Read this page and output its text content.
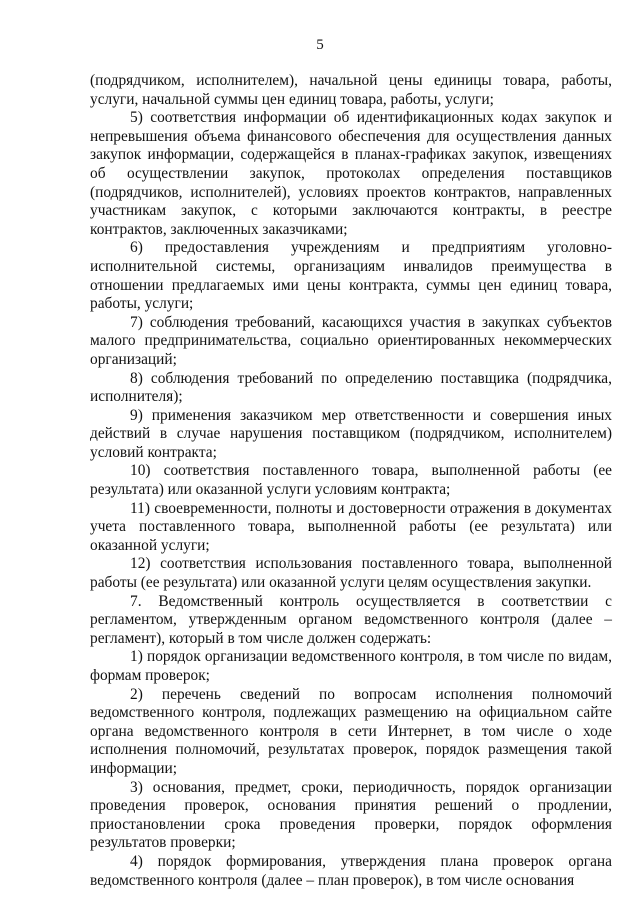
5

(подрядчиком, исполнителем), начальной цены единицы товара, работы, услуги, начальной суммы цен единиц товара, работы, услуги;

5) соответствия информации об идентификационных кодах закупок и непревышения объема финансового обеспечения для осуществления данных закупок информации, содержащейся в планах-графиках закупок, извещениях об осуществлении закупок, протоколах определения поставщиков (подрядчиков, исполнителей), условиях проектов контрактов, направленных участникам закупок, с которыми заключаются контракты, в реестре контрактов, заключенных заказчиками;

6) предоставления учреждениям и предприятиям уголовно-исполнительной системы, организациям инвалидов преимущества в отношении предлагаемых ими цены контракта, суммы цен единиц товара, работы, услуги;

7) соблюдения требований, касающихся участия в закупках субъектов малого предпринимательства, социально ориентированных некоммерческих организаций;

8) соблюдения требований по определению поставщика (подрядчика, исполнителя);

9) применения заказчиком мер ответственности и совершения иных действий в случае нарушения поставщиком (подрядчиком, исполнителем) условий контракта;

10) соответствия поставленного товара, выполненной работы (ее результата) или оказанной услуги условиям контракта;

11) своевременности, полноты и достоверности отражения в документах учета поставленного товара, выполненной работы (ее результата) или оказанной услуги;

12) соответствия использования поставленного товара, выполненной работы (ее результата) или оказанной услуги целям осуществления закупки.

7. Ведомственный контроль осуществляется в соответствии с регламентом, утвержденным органом ведомственного контроля (далее – регламент), который в том числе должен содержать:

1) порядок организации ведомственного контроля, в том числе по видам, формам проверок;

2) перечень сведений по вопросам исполнения полномочий ведомственного контроля, подлежащих размещению на официальном сайте органа ведомственного контроля в сети Интернет, в том числе о ходе исполнения полномочий, результатах проверок, порядок размещения такой информации;

3) основания, предмет, сроки, периодичность, порядок организации проведения проверок, основания принятия решений о продлении, приостановлении срока проведения проверки, порядок оформления результатов проверки;

4) порядок формирования, утверждения плана проверок органа ведомственного контроля (далее – план проверок), в том числе основания
